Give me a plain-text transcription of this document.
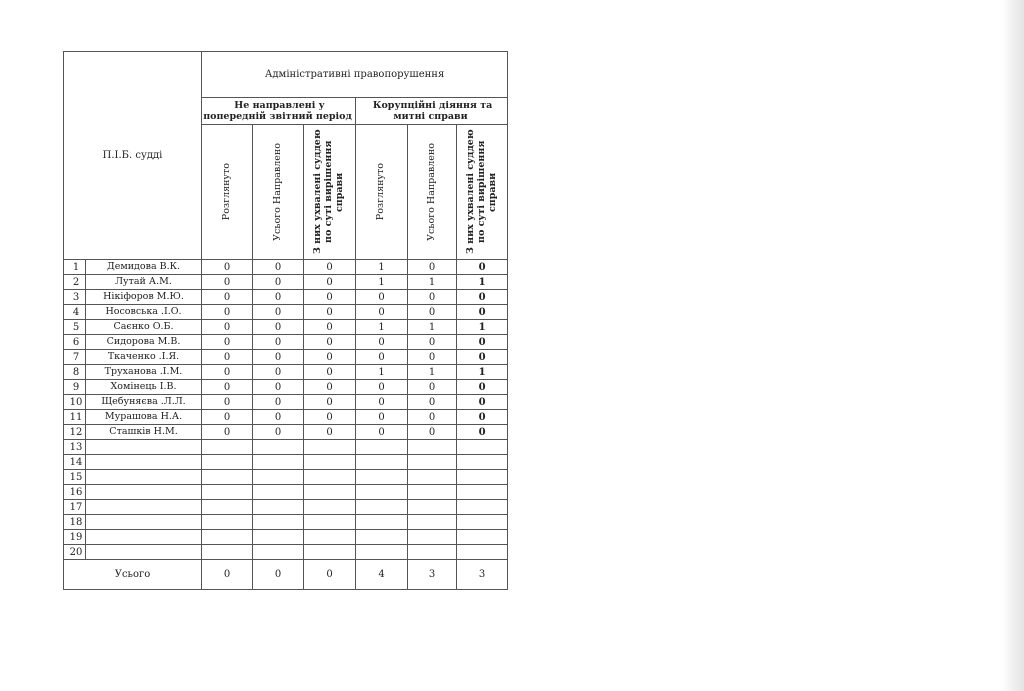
П.І.Б. судді		Адміністративні правопорушення					
		Не направлені у попередній звітний період			Корупційні діяння та митні справи		

		Розглянуто	Усього Направлено	З них ухвалені суддею по суті вирішення справи	Розглянуто	Усього Направлено	З них ухвалені суддею по суті вирішення справи

1	Демидова В.К.	0	0	0	1	0	0
2	Лутай А.М.	0	0	0	1	1	1
3	Нікіфоров М.Ю.	0	0	0	0	0	0
4	Носовська .І.О.	0	0	0	0	0	0
5	Саєнко О.Б.	0	0	0	1	1	1
6	Сидорова М.В.	0	0	0	0	0	0
7	Ткаченко .І.Я.	0	0	0	0	0	0
8	Труханова .І.М.	0	0	0	1	1	1
9	Хомінець І.В.	0	0	0	0	0	0
10	Щебуняєва .Л.Л.	0	0	0	0	0	0
11	Мурашова Н.А.	0	0	0	0	0	0
12	Сташків Н.М.	0	0	0	0	0	0
13							
14							
15							
16							
17							
18							
19							
20							
Усього		0	0	0	4	3	3
